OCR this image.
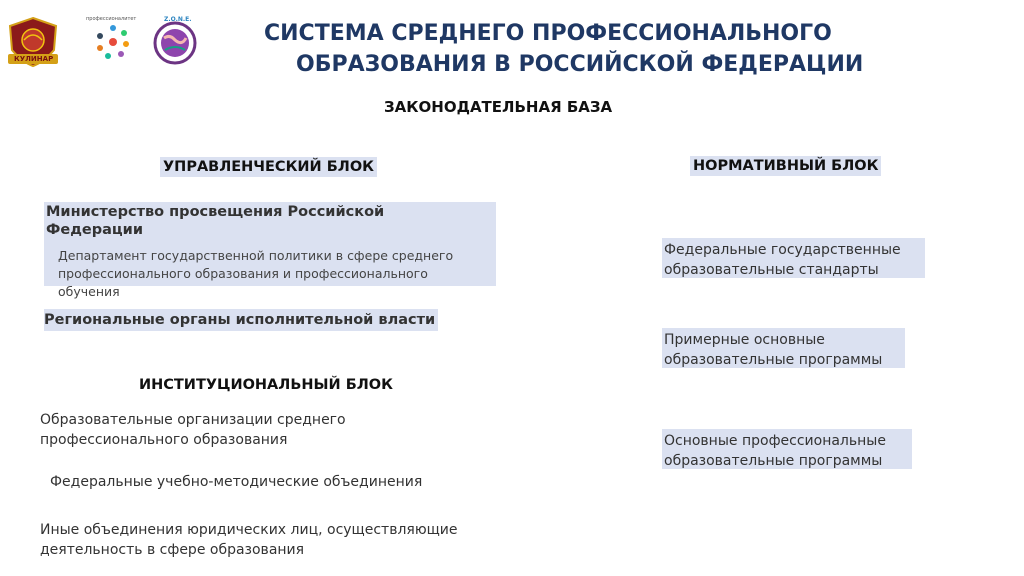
КУЛИНАР
профессионалитет	Z.O.N.E.
СИСТЕМА СРЕДНЕГО ПРОФЕССИОНАЛЬНОГО
ОБРАЗОВАНИЯ В РОССИЙСКОЙ ФЕДЕРАЦИИ
ЗАКОНОДАТЕЛЬНАЯ БАЗА
УПРАВЛЕНЧЕСКИЙ БЛОК
Министерство просвещения Российской
Федерации
Департамент государственной политики в сфере среднего
профессионального образования и профессионального
обучения
Региональные органы исполнительной власти
ИНСТИТУЦИОНАЛЬНЫЙ БЛОК
Образовательные организации среднего
профессионального образования
Федеральные учебно-методические объединения
Иные объединения юридических лиц, осуществляющие
деятельность в сфере образования
НОРМАТИВНЫЙ БЛОК
Федеральные государственные
образовательные стандарты
Примерные основные
образовательные программы
Основные профессиональные
образовательные программы
